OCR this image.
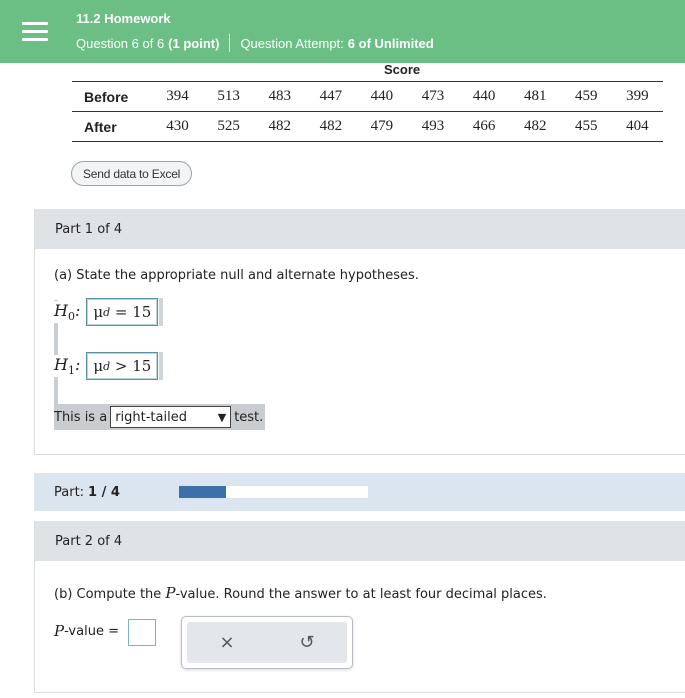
11.2 Homework
Question 6 of 6 (1 point) Question Attempt: 6 of Unlimited
Score
Before	394	513	483	447	440	473	440	481	459	399
After	430	525	482	482	479	493	466	482	455	404
Send data to Excel
Part 1 of 4
(a) State the appropriate null and alternate hypotheses.
$H_0$: μ d = 15
$H_1$: μ d > 15
This is a right-tailed	▼ test.
Part: 1 / 4
Part 2 of 4
(b) Compute the P-value. Round the answer to at least four decimal places.
P -value =
×	↺
